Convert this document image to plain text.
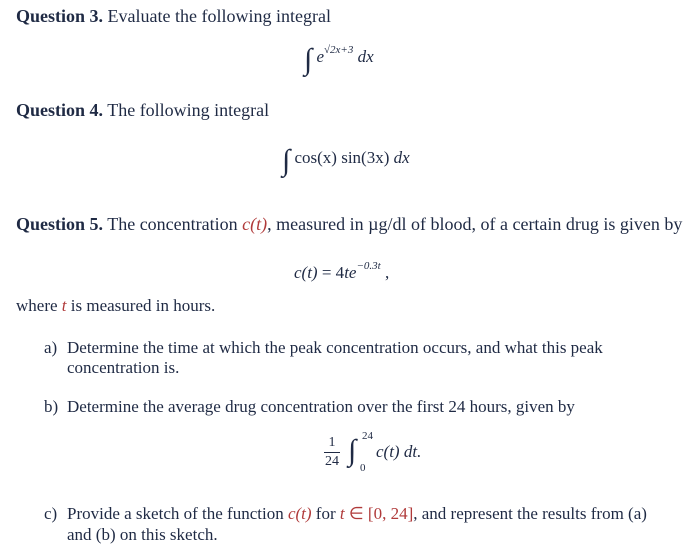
Question 3. Evaluate the following integral
∫ $e^{√2x+3}$ dx
Question 4. The following integral
∫ cos(x) sin(3x) dx
Question 5. The concentration c(t), measured in µg/dl of blood, of a certain drug is given by
$c(t) = 4te^{-0.3t}$ ,
where t is measured in hours.
a) Determine the time at which the peak concentration occurs, and what this peak
concentration is.
b) Determine the average drug concentration over the first 24 hours, given by
$\frac{1}{24}$ ∫ 24
0
c(t) dt.
c) Provide a sketch of the function c(t) for t ∈ [0, 24], and represent the results from (a)
and (b) on this sketch.
